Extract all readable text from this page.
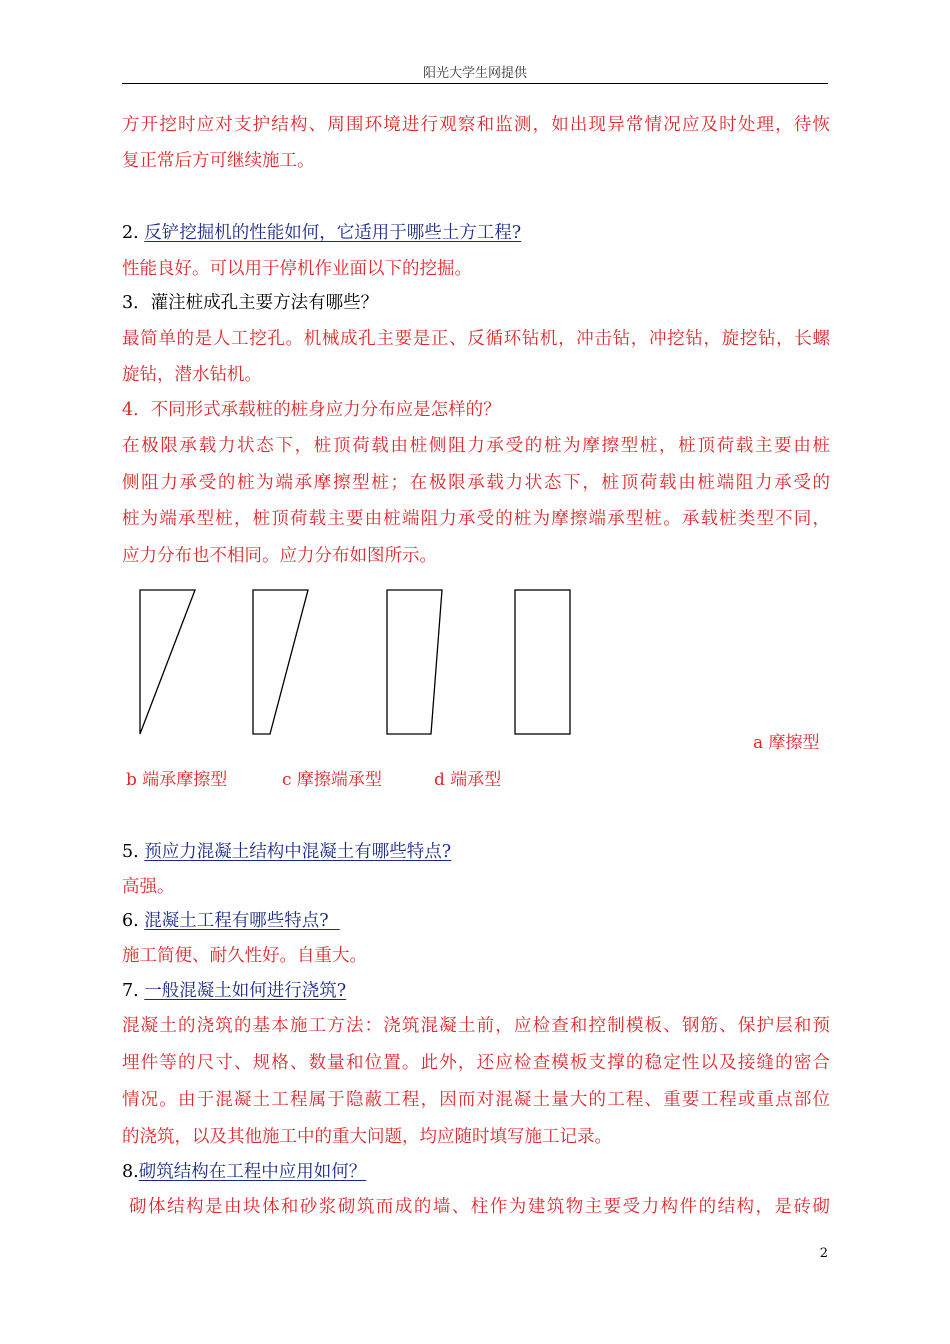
阳光大学生网提供
方开挖时应对支护结构、周围环境进行观察和监测，如出现异常情况应及时处理，待恢
复正常后方可继续施工。
2. 反铲挖掘机的性能如何，它适用于哪些土方工程?
性能良好。可以用于停机作业面以下的挖掘。
3．灌注桩成孔主要方法有哪些？
最简单的是人工挖孔。机械成孔主要是正、反循环钻机，冲击钻，冲挖钻，旋挖钻，长螺
旋钻，潜水钻机。
4．不同形式承载桩的桩身应力分布应是怎样的？
在极限承载力状态下，桩顶荷载由桩侧阻力承受的桩为摩擦型桩，桩顶荷载主要由桩
侧阻力承受的桩为端承摩擦型桩；在极限承载力状态下，桩顶荷载由桩端阻力承受的
桩为端承型桩，桩顶荷载主要由桩端阻力承受的桩为摩擦端承型桩。承载桩类型不同，
应力分布也不相同。应力分布如图所示。
a 摩擦型
b 端承摩擦型	c 摩擦端承型	d 端承型
5. 预应力混凝土结构中混凝土有哪些特点?
高强。
6. 混凝土工程有哪些特点?
施工简便、耐久性好。自重大。
7. 一般混凝土如何进行浇筑?
混凝土的浇筑的基本施工方法：浇筑混凝土前，应检查和控制模板、钢筋、保护层和预
埋件等的尺寸、规格、数量和位置。此外，还应检查模板支撑的稳定性以及接缝的密合
情况。由于混凝土工程属于隐蔽工程，因而对混凝土量大的工程、重要工程或重点部位
的浇筑，以及其他施工中的重大问题，均应随时填写施工记录。
8.砌筑结构在工程中应用如何？
砌体结构是由块体和砂浆砌筑而成的墙、柱作为建筑物主要受力构件的结构，是砖砌
2
